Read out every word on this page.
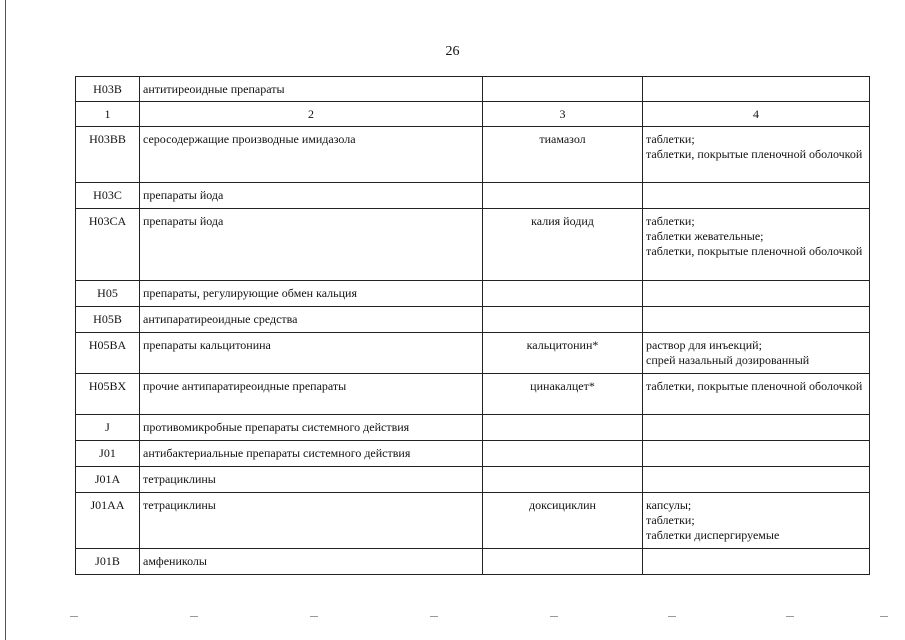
26
H03B	антитиреоидные препараты		
1	2	3	4
H03BB	серосодержащие производные имидазола	тиамазол	таблетки;
таблетки, покрытые пленочной оболочкой

H03C	препараты йода		
H03CA	препараты йода	калия йодид	таблетки;
таблетки жевательные;
таблетки, покрытые пленочной оболочкой

H05	препараты, регулирующие обмен кальция		
H05B	антипаратиреоидные средства		
H05BA	препараты кальцитонина	кальцитонин*	раствор для инъекций;
спрей назальный дозированный

H05BX	прочие антипаратиреоидные препараты	цинакалцет*	таблетки, покрытые пленочной оболочкой

J	противомикробные препараты системного действия		
J01	антибактериальные препараты системного действия		
J01A	тетрациклины		
J01AA	тетрациклины	доксициклин	капсулы;
таблетки;
таблетки диспергируемые

J01B	амфениколы		
